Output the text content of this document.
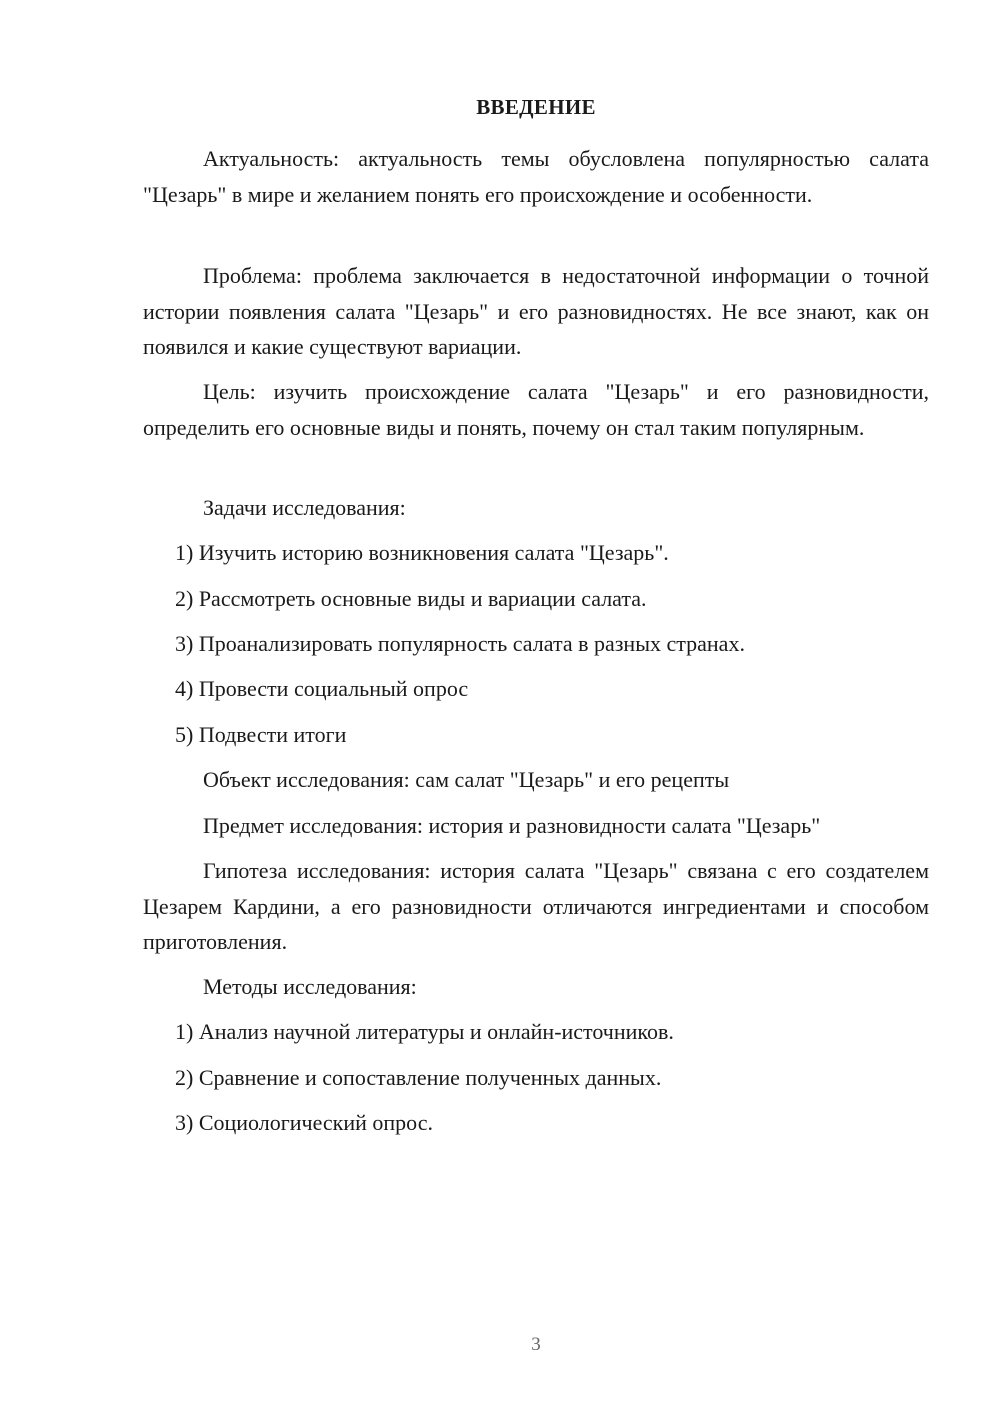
ВВЕДЕНИЕ

Актуальность: актуальность темы обусловлена популярностью салата "Цезарь" в мире и желанием понять его происхождение и особенности.

Проблема: проблема заключается в недостаточной информации о точной истории появления салата "Цезарь" и его разновидностях. Не все знают, как он появился и какие существуют вариации.

Цель: изучить происхождение салата "Цезарь" и его разновидности, определить его основные виды и понять, почему он стал таким популярным.

Задачи исследования:

1) Изучить историю возникновения салата "Цезарь".

2) Рассмотреть основные виды и вариации салата.

3) Проанализировать популярность салата в разных странах.

4) Провести социальный опрос

5) Подвести итоги

Объект исследования: сам салат "Цезарь" и его рецепты

Предмет исследования: история и разновидности салата "Цезарь"

Гипотеза исследования: история салата "Цезарь" связана с его создателем Цезарем Кардини, а его разновидности отличаются ингредиентами и способом приготовления.

Методы исследования:

1) Анализ научной литературы и онлайн-источников.

2) Сравнение и сопоставление полученных данных.

3) Социологический опрос.

3
